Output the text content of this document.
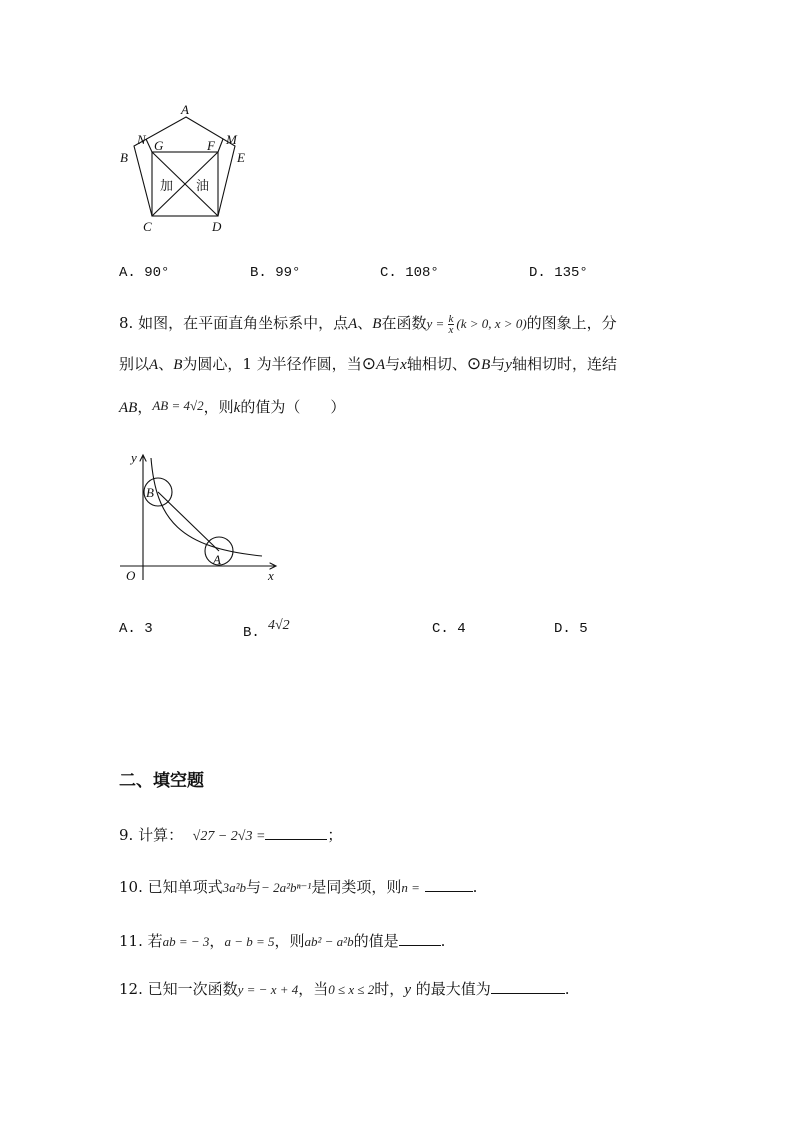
A
N G	F M
B	E
C	D
加 油
A. 90°	B. 99°	C. 108°	D. 135°
8. 如图，在平面直角坐标系中，点A、B在函数$y = \frac{k}{x} (k > 0$, x > 0)的图象上，分
别以A、B为圆心，1 为半径作圆，当⊙A与x轴相切、⊙B与y轴相切时，连结
AB，AB = 4√2，则k的值为（　　）
y
x
O
B
A
A. 3	B. 4√2	C. 4	D. 5
二、填空题
9. 计算： √27 − 2√3 =	；
10. 已知单项式3a²b与− 2a²bⁿ⁻¹是同类项，则n =	.
11. 若ab = − 3，a − b = 5，则ab² − a²b的值是	.
12. 已知一次函数y = − x + 4，当0 ≤ x ≤ 2时，y 的最大值为	.
